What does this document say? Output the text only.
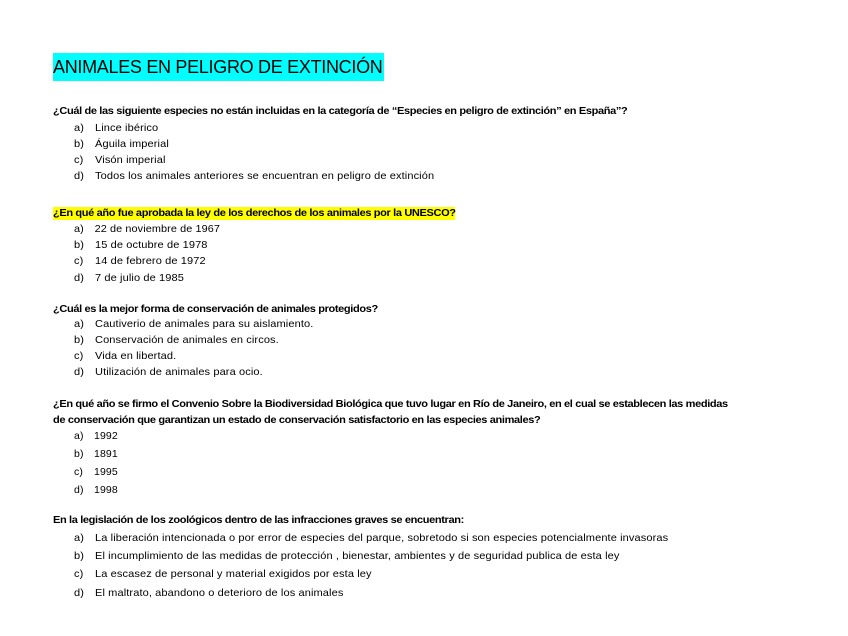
ANIMALES EN PELIGRO DE EXTINCIÓN
¿Cuál de las siguiente especies no están incluidas en la categoría de “Especies en peligro de extinción” en España”?
a) Lince ibérico
b) Águila imperial
c) Visón imperial
d) Todos los animales anteriores se encuentran en peligro de extinción
¿En qué año fue aprobada la ley de los derechos de los animales por la UNESCO?
a) 22 de noviembre de 1967
b) 15 de octubre de 1978
c) 14 de febrero de 1972
d) 7 de julio de 1985
¿Cuál es la mejor forma de conservación de animales protegidos?
a) Cautiverio de animales para su aislamiento.
b) Conservación de animales en circos.
c) Vida en libertad.
d) Utilización de animales para ocio.
¿En qué año se firmo el Convenio Sobre la Biodiversidad Biológica que tuvo lugar en Río de Janeiro, en el cual se establecen las medidas
de conservación que garantizan un estado de conservación satisfactorio en las especies animales?
a) 1992
b) 1891
c) 1995
d) 1998
En la legislación de los zoológicos dentro de las infracciones graves se encuentran:
a) La liberación intencionada o por error de especies del parque, sobretodo si son especies potencialmente invasoras
b) El incumplimiento de las medidas de protección , bienestar, ambientes y de seguridad publica de esta ley
c) La escasez de personal y material exigidos por esta ley
d) El maltrato, abandono o deterioro de los animales
